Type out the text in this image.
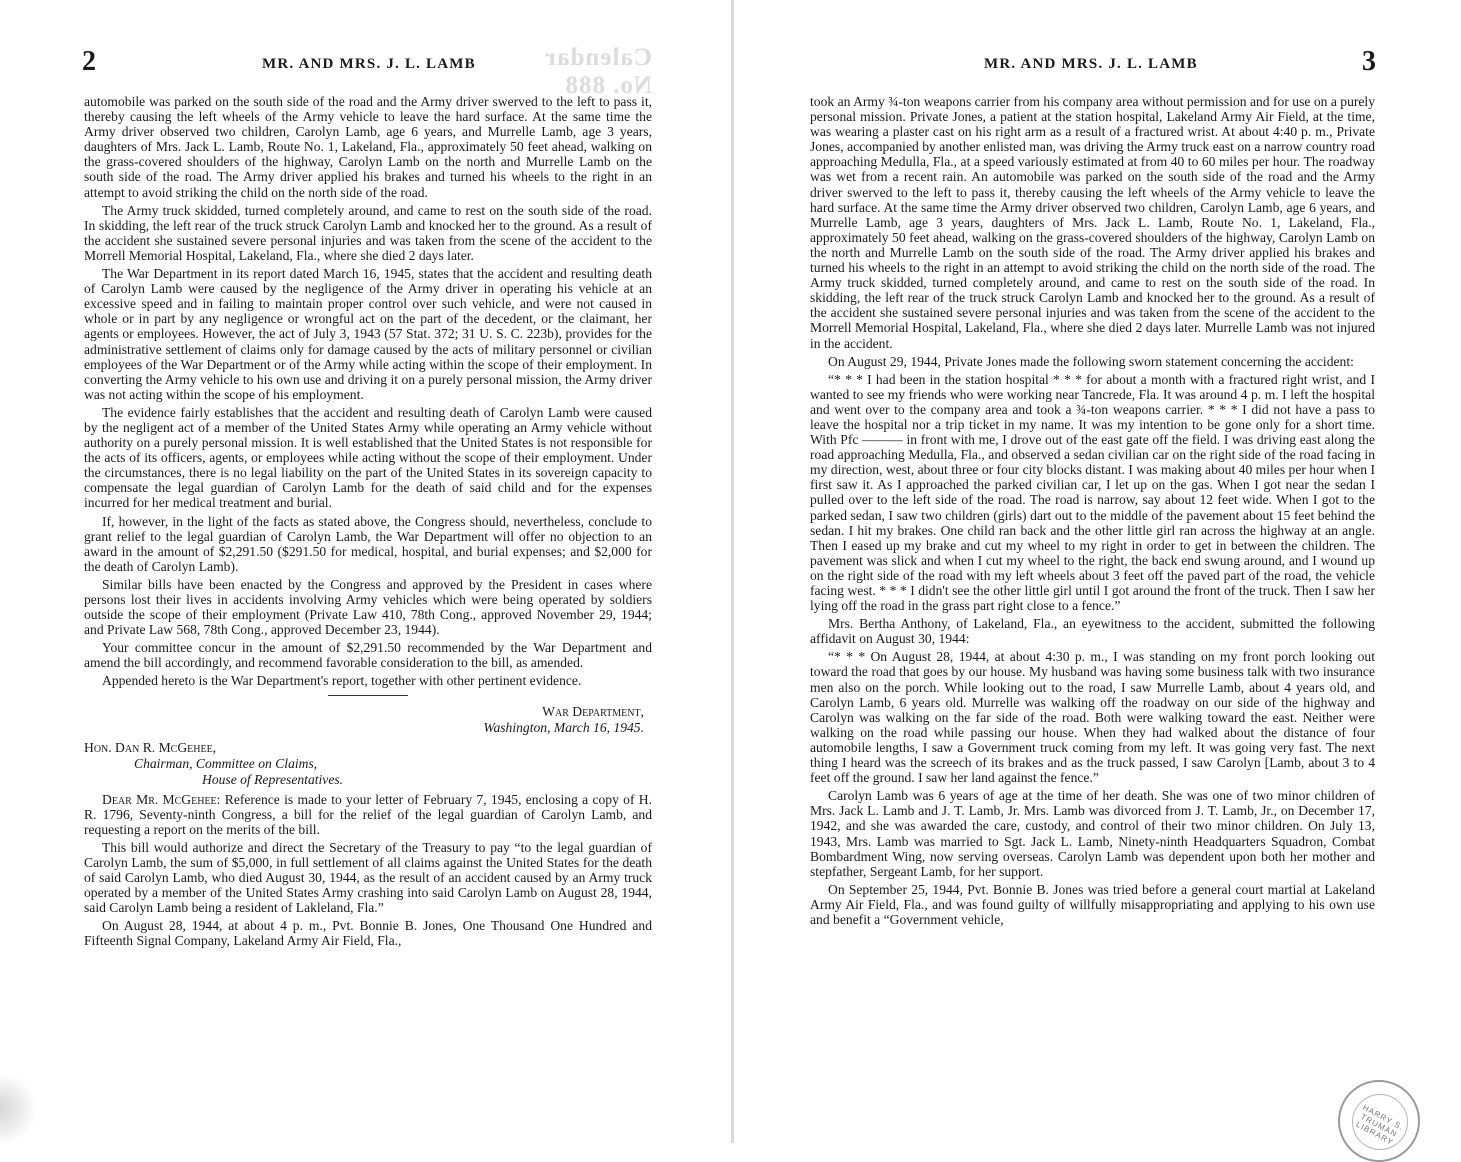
2	MR. AND MRS. J. L. LAMB	Calendar No. 888

automobile was parked on the south side of the road and the Army driver swerved to the left to pass it, thereby causing the left wheels of the Army vehicle to leave the hard surface. At the same time the Army driver observed two children, Carolyn Lamb, age 6 years, and Murrelle Lamb, age 3 years, daughters of Mrs. Jack L. Lamb, Route No. 1, Lakeland, Fla., approximately 50 feet ahead, walking on the grass-covered shoulders of the highway, Carolyn Lamb on the north and Murrelle Lamb on the south side of the road. The Army driver applied his brakes and turned his wheels to the right in an attempt to avoid striking the child on the north side of the road.

The Army truck skidded, turned completely around, and came to rest on the south side of the road. In skidding, the left rear of the truck struck Carolyn Lamb and knocked her to the ground. As a result of the accident she sustained severe personal injuries and was taken from the scene of the accident to the Morrell Memorial Hospital, Lakeland, Fla., where she died 2 days later.

The War Department in its report dated March 16, 1945, states that the accident and resulting death of Carolyn Lamb were caused by the negligence of the Army driver in operating his vehicle at an excessive speed and in failing to maintain proper control over such vehicle, and were not caused in whole or in part by any negligence or wrongful act on the part of the decedent, or the claimant, her agents or employees. However, the act of July 3, 1943 (57 Stat. 372; 31 U. S. C. 223b), provides for the administrative settlement of claims only for damage caused by the acts of military personnel or civilian employees of the War Department or of the Army while acting within the scope of their employment. In converting the Army vehicle to his own use and driving it on a purely personal mission, the Army driver was not acting within the scope of his employment.

The evidence fairly establishes that the accident and resulting death of Carolyn Lamb were caused by the negligent act of a member of the United States Army while operating an Army vehicle without authority on a purely personal mission. It is well established that the United States is not responsible for the acts of its officers, agents, or employees while acting without the scope of their employment. Under the circumstances, there is no legal liability on the part of the United States in its sovereign capacity to compensate the legal guardian of Carolyn Lamb for the death of said child and for the expenses incurred for her medical treatment and burial.

If, however, in the light of the facts as stated above, the Congress should, nevertheless, conclude to grant relief to the legal guardian of Carolyn Lamb, the War Department will offer no objection to an award in the amount of $2,291.50 ($291.50 for medical, hospital, and burial expenses; and $2,000 for the death of Carolyn Lamb).

Similar bills have been enacted by the Congress and approved by the President in cases where persons lost their lives in accidents involving Army vehicles which were being operated by soldiers outside the scope of their employment (Private Law 410, 78th Cong., approved November 29, 1944; and Private Law 568, 78th Cong., approved December 23, 1944).

Your committee concur in the amount of $2,291.50 recommended by the War Department and amend the bill accordingly, and recommend favorable consideration to the bill, as amended.

Appended hereto is the War Department's report, together with other pertinent evidence.

War Department,
Washington, March 16, 1945.
Hon. Dan R. McGehee,
Chairman, Committee on Claims,
House of Representatives.

Dear Mr. McGehee: Reference is made to your letter of February 7, 1945, enclosing a copy of H. R. 1796, Seventy-ninth Congress, a bill for the relief of the legal guardian of Carolyn Lamb, and requesting a report on the merits of the bill.

This bill would authorize and direct the Secretary of the Treasury to pay “to the legal guardian of Carolyn Lamb, the sum of $5,000, in full settlement of all claims against the United States for the death of said Carolyn Lamb, who died August 30, 1944, as the result of an accident caused by an Army truck operated by a member of the United States Army crashing into said Carolyn Lamb on August 28, 1944, said Carolyn Lamb being a resident of Lakleland, Fla.”

On August 28, 1944, at about 4 p. m., Pvt. Bonnie B. Jones, One Thousand One Hundred and Fifteenth Signal Company, Lakeland Army Air Field, Fla.,

MR. AND MRS. J. L. LAMB	3

took an Army ¾-ton weapons carrier from his company area without permission and for use on a purely personal mission. Private Jones, a patient at the station hospital, Lakeland Army Air Field, at the time, was wearing a plaster cast on his right arm as a result of a fractured wrist. At about 4:40 p. m., Private Jones, accompanied by another enlisted man, was driving the Army truck east on a narrow country road approaching Medulla, Fla., at a speed variously estimated at from 40 to 60 miles per hour. The roadway was wet from a recent rain. An automobile was parked on the south side of the road and the Army driver swerved to the left to pass it, thereby causing the left wheels of the Army vehicle to leave the hard surface. At the same time the Army driver observed two children, Carolyn Lamb, age 6 years, and Murrelle Lamb, age 3 years, daughters of Mrs. Jack L. Lamb, Route No. 1, Lakeland, Fla., approximately 50 feet ahead, walking on the grass-covered shoulders of the highway, Carolyn Lamb on the north and Murrelle Lamb on the south side of the road. The Army driver applied his brakes and turned his wheels to the right in an attempt to avoid striking the child on the north side of the road. The Army truck skidded, turned completely around, and came to rest on the south side of the road. In skidding, the left rear of the truck struck Carolyn Lamb and knocked her to the ground. As a result of the accident she sustained severe personal injuries and was taken from the scene of the accident to the Morrell Memorial Hospital, Lakeland, Fla., where she died 2 days later. Murrelle Lamb was not injured in the accident.

On August 29, 1944, Private Jones made the following sworn statement concerning the accident:

“* * * I had been in the station hospital * * * for about a month with a fractured right wrist, and I wanted to see my friends who were working near Tancrede, Fla. It was around 4 p. m. I left the hospital and went over to the company area and took a ¾-ton weapons carrier. * * * I did not have a pass to leave the hospital nor a trip ticket in my name. It was my intention to be gone only for a short time. With Pfc ——— in front with me, I drove out of the east gate off the field. I was driving east along the road approaching Medulla, Fla., and observed a sedan civilian car on the right side of the road facing in my direction, west, about three or four city blocks distant. I was making about 40 miles per hour when I first saw it. As I approached the parked civilian car, I let up on the gas. When I got near the sedan I pulled over to the left side of the road. The road is narrow, say about 12 feet wide. When I got to the parked sedan, I saw two children (girls) dart out to the middle of the pavement about 15 feet behind the sedan. I hit my brakes. One child ran back and the other little girl ran across the highway at an angle. Then I eased up my brake and cut my wheel to my right in order to get in between the children. The pavement was slick and when I cut my wheel to the right, the back end swung around, and I wound up on the right side of the road with my left wheels about 3 feet off the paved part of the road, the vehicle facing west. * * * I didn't see the other little girl until I got around the front of the truck. Then I saw her lying off the road in the grass part right close to a fence.”

Mrs. Bertha Anthony, of Lakeland, Fla., an eyewitness to the accident, submitted the following affidavit on August 30, 1944:

“* * * On August 28, 1944, at about 4:30 p. m., I was standing on my front porch looking out toward the road that goes by our house. My husband was having some business talk with two insurance men also on the porch. While looking out to the road, I saw Murrelle Lamb, about 4 years old, and Carolyn Lamb, 6 years old. Murrelle was walking off the roadway on our side of the highway and Carolyn was walking on the far side of the road. Both were walking toward the east. Neither were walking on the road while passing our house. When they had walked about the distance of four automobile lengths, I saw a Government truck coming from my left. It was going very fast. The next thing I heard was the screech of its brakes and as the truck passed, I saw Carolyn [Lamb, about 3 to 4 feet off the ground. I saw her land against the fence.”

Carolyn Lamb was 6 years of age at the time of her death. She was one of two minor children of Mrs. Jack L. Lamb and J. T. Lamb, Jr. Mrs. Lamb was divorced from J. T. Lamb, Jr., on December 17, 1942, and she was awarded the care, custody, and control of their two minor children. On July 13, 1943, Mrs. Lamb was married to Sgt. Jack L. Lamb, Ninety-ninth Headquarters Squadron, Combat Bombardment Wing, now serving overseas. Carolyn Lamb was dependent upon both her mother and stepfather, Sergeant Lamb, for her support.

On September 25, 1944, Pvt. Bonnie B. Jones was tried before a general court martial at Lakeland Army Air Field, Fla., and was found guilty of willfully misappropriating and applying to his own use and benefit a “Government vehicle,

HARRY S. TRUMAN LIBRARY
